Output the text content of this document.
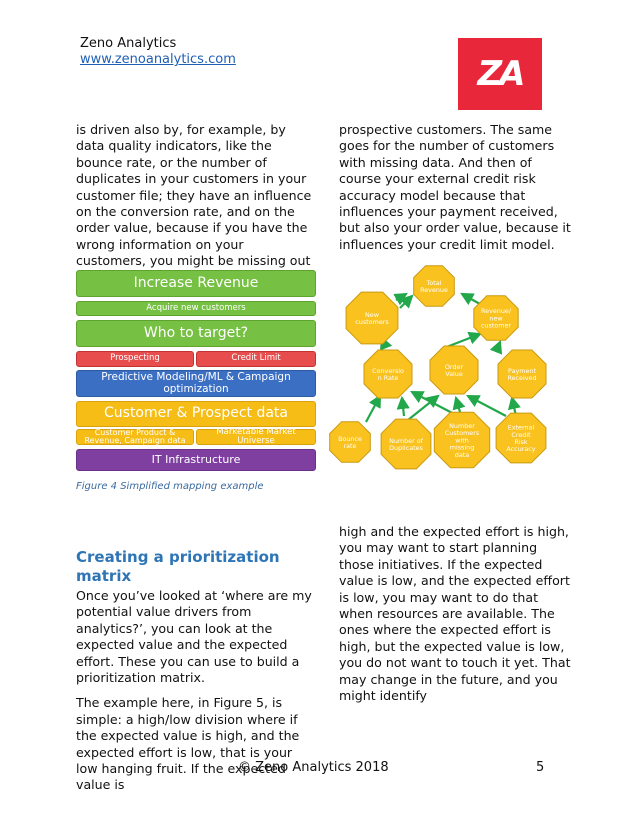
Zeno Analytics
www.zenoanalytics.com	ZA

is driven also by, for example, by data quality indicators, like the bounce rate, or the number of duplicates in your customers in your customer file; they have an influence on the conversion rate, and on the order value, because if you have the wrong information on your customers, you might be missing out

prospective customers. The same goes for the number of customers with missing data. And then of course your external credit risk accuracy model because that influences your payment received, but also your order value, because it influences your credit limit model.

Increase Revenue
Acquire new customers
Who to target?
Prospecting	Credit Limit
Predictive Modeling/ML & Campaign optimization
Customer & Prospect data
Customer Product & Revenue, Campaign data
Marketable Market Universe
IT Infrastructure
Figure 4 Simplified mapping example
Total
Revenue
New
customers
Revenue/
new
customer
Conversio
n Rate
Order
Value	Payment
Received
Bounce
rate
Number of
Duplicates
Number
Customers
with
missing
data
External
Credit
Risk
Accuracy
Creating a prioritization matrix

Once you’ve looked at ‘where are my potential value drivers from analytics?’, you can look at the expected value and the expected effort. These you can use to build a prioritization matrix.

The example here, in Figure 5, is simple: a high/low division where if the expected value is high, and the expected effort is low, that is your low hanging fruit. If the expected value is

high and the expected effort is high, you may want to start planning those initiatives. If the expected value is low, and the expected effort is low, you may want to do that when resources are available. The ones where the expected effort is high, but the expected value is low, you do not want to touch it yet. That may change in the future, and you might identify

© Zeno Analytics 2018	5
